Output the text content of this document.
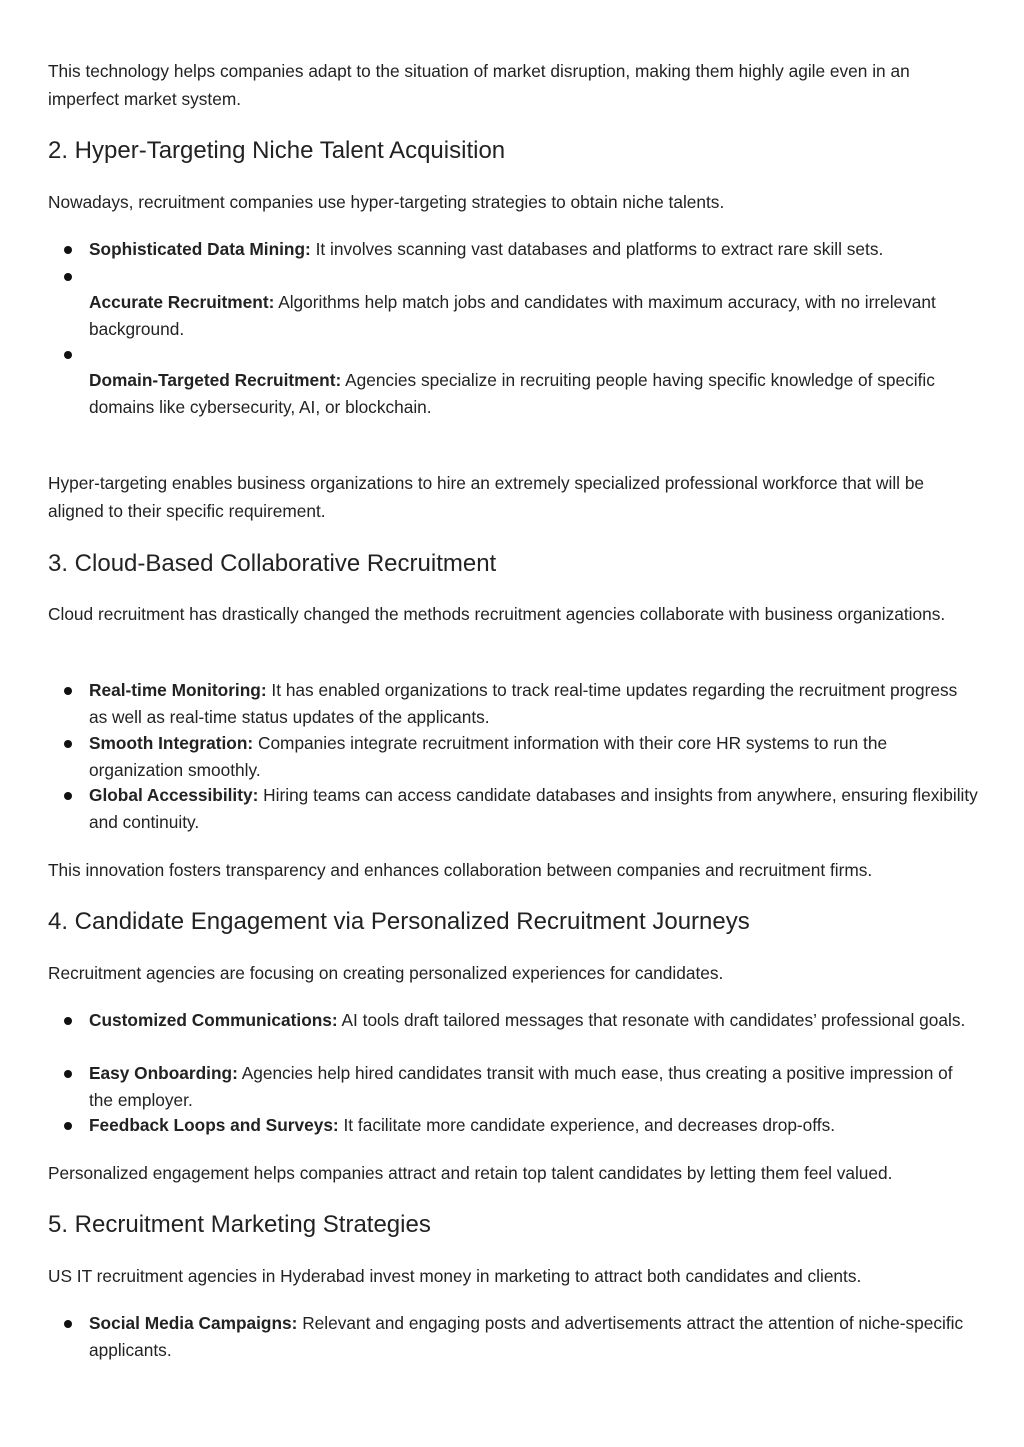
This technology helps companies adapt to the situation of market disruption, making them highly agile even in an imperfect market system.

2. Hyper-Targeting Niche Talent Acquisition

Nowadays, recruitment companies use hyper-targeting strategies to obtain niche talents.

Sophisticated Data Mining: It involves scanning vast databases and platforms to extract rare skill sets.

Accurate Recruitment: Algorithms help match jobs and candidates with maximum accuracy, with no irrelevant background.

Domain-Targeted Recruitment: Agencies specialize in recruiting people having specific knowledge of specific domains like cybersecurity, AI, or blockchain.

Hyper-targeting enables business organizations to hire an extremely specialized professional workforce that will be aligned to their specific requirement.

3. Cloud-Based Collaborative Recruitment

Cloud recruitment has drastically changed the methods recruitment agencies collaborate with business organizations.

Real-time Monitoring: It has enabled organizations to track real-time updates regarding the recruitment progress as well as real-time status updates of the applicants.

Smooth Integration: Companies integrate recruitment information with their core HR systems to run the organization smoothly.

Global Accessibility: Hiring teams can access candidate databases and insights from anywhere, ensuring flexibility and continuity.

This innovation fosters transparency and enhances collaboration between companies and recruitment firms.

4. Candidate Engagement via Personalized Recruitment Journeys

Recruitment agencies are focusing on creating personalized experiences for candidates.

Customized Communications: AI tools draft tailored messages that resonate with candidates’ professional goals.

Easy Onboarding: Agencies help hired candidates transit with much ease, thus creating a positive impression of the employer.

Feedback Loops and Surveys: It facilitate more candidate experience, and decreases drop-offs.

Personalized engagement helps companies attract and retain top talent candidates by letting them feel valued.

5. Recruitment Marketing Strategies

US IT recruitment agencies in Hyderabad invest money in marketing to attract both candidates and clients.

Social Media Campaigns: Relevant and engaging posts and advertisements attract the attention of niche-specific applicants.
